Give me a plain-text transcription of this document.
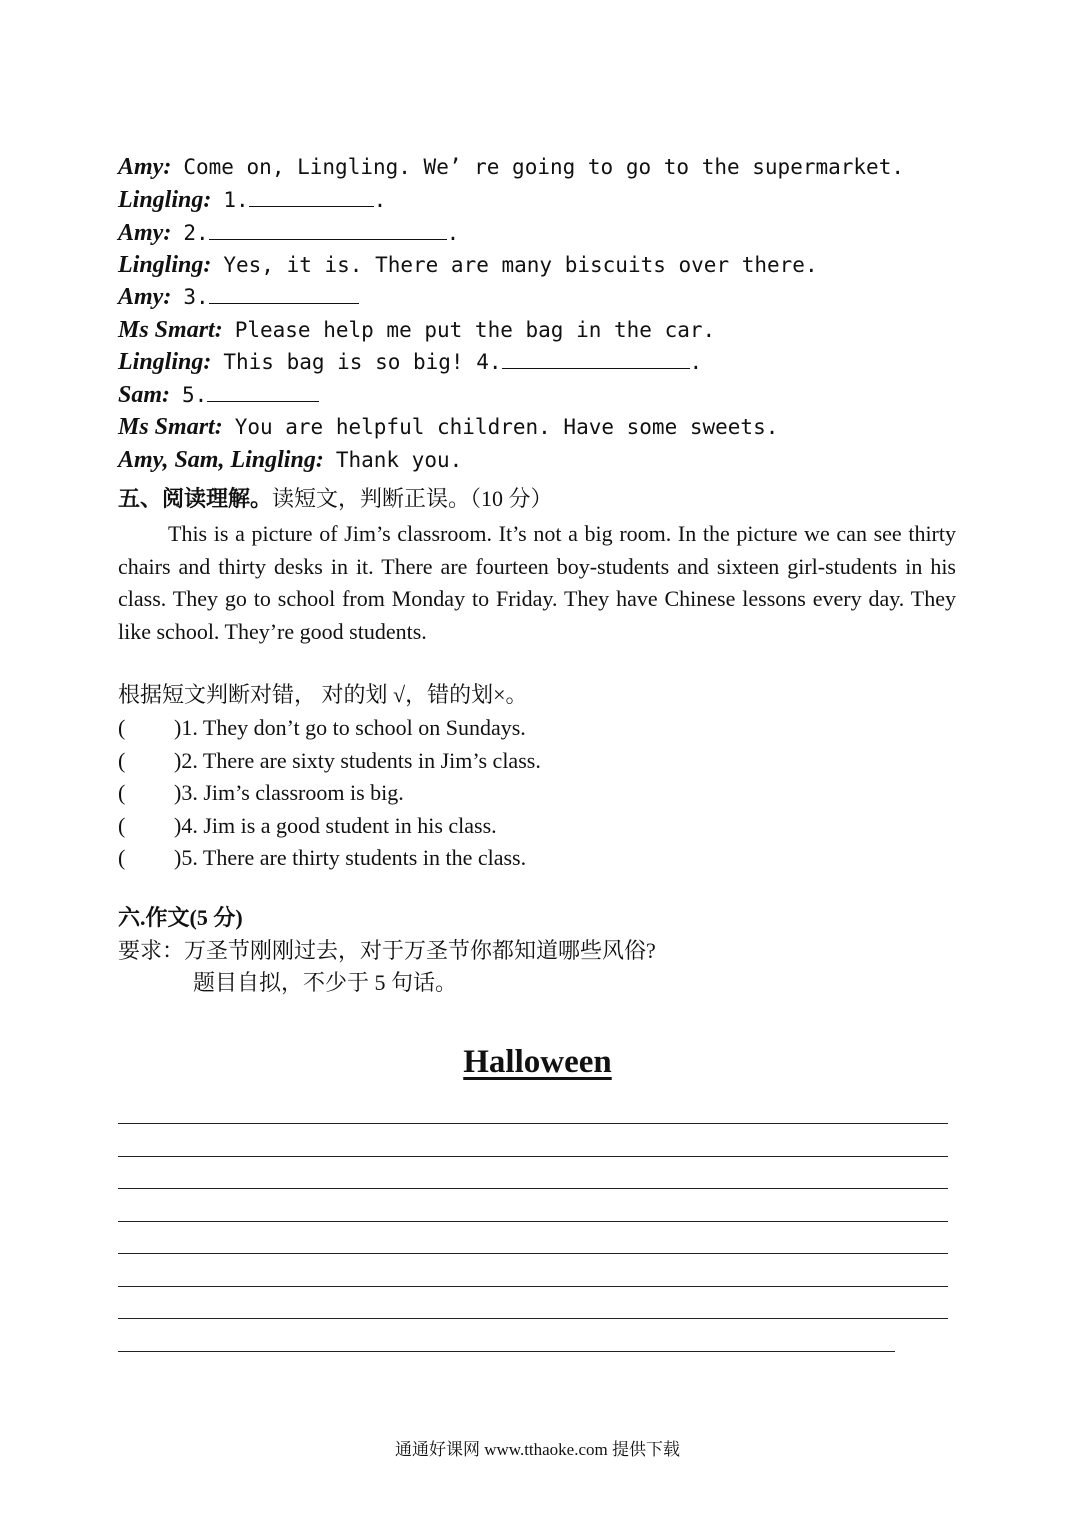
Amy: Come on, Lingling. We’ re going to go to the supermarket.
Lingling: 1.	.
Amy: 2.	.
Lingling: Yes, it is. There are many biscuits over there.
Amy: 3.
Ms Smart: Please help me put the bag in the car.
Lingling: This bag is so big! 4.	.
Sam: 5.
Ms Smart: You are helpful children. Have some sweets.
Amy, Sam, Lingling: Thank you.
五、阅读理解。读短文，判断正误。（10 分）
This is a picture of Jim’s classroom. It’s not a big room. In the picture we can see thirty chairs and thirty desks in it. There are fourteen boy-students and sixteen girl-students in his class. They go to school from Monday to Friday. They have Chinese lessons every day. They like school. They’re good students.
根据短文判断对错， 对的划 √，错的划×。
( )1. They don’t go to school on Sundays.
( )2. There are sixty students in Jim’s class.
( )3. Jim’s classroom is big.
( )4. Jim is a good student in his class.
( )5. There are thirty students in the class.
六.作文(5 分)
要求：万圣节刚刚过去，对于万圣节你都知道哪些风俗?
题目自拟，不少于 5 句话。
Halloween
通通好课网 www.tthaoke.com 提供下载
